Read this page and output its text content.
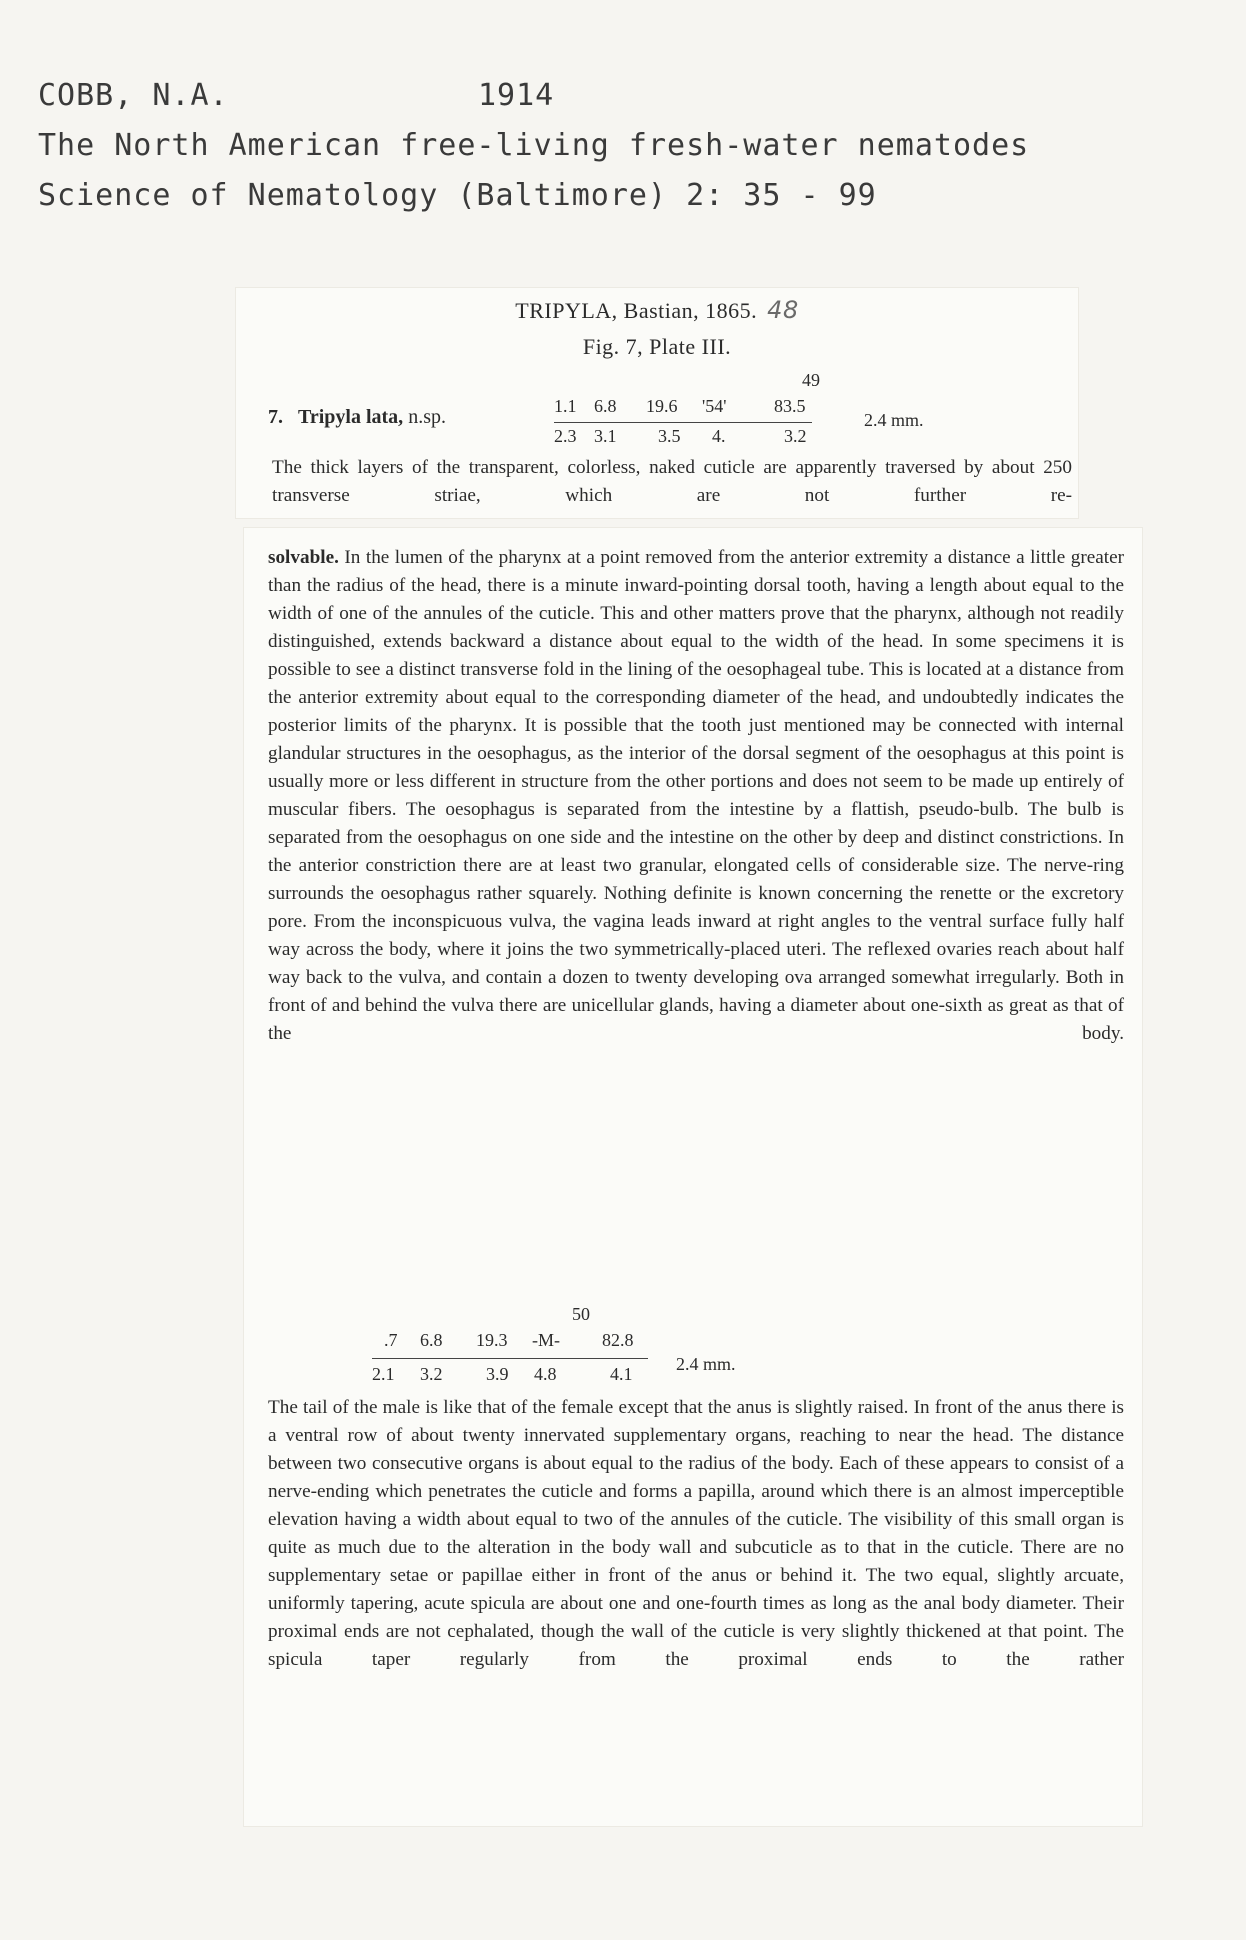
COBB, N.A.	1914
The North American free-living fresh-water nematodes
Science of Nematology (Baltimore) 2: 35 - 99
TRIPYLA, Bastian, 1865. 48
Fig. 7, Plate III.
7. Tripyla lata, n.sp.
49
1.1 6.8 19.6 '54'	83.5
2.3 3.1 3.5 4.	3.2
2.4 mm.
The thick layers of the transparent, colorless, naked cuticle are apparently traversed by about 250 transverse striae, which are not further re-
solvable. In the lumen of the pharynx at a point removed from the anterior extremity a distance a little greater than the radius of the head, there is a minute inward-pointing dorsal tooth, having a length about equal to the width of one of the annules of the cuticle. This and other matters prove that the pharynx, although not readily distinguished, extends backward a distance about equal to the width of the head. In some specimens it is possible to see a distinct transverse fold in the lining of the oesophageal tube. This is located at a distance from the anterior extremity about equal to the corresponding diameter of the head, and undoubtedly indicates the posterior limits of the pharynx. It is possible that the tooth just mentioned may be connected with internal glandular structures in the oesophagus, as the interior of the dorsal segment of the oesophagus at this point is usually more or less different in structure from the other portions and does not seem to be made up entirely of muscular fibers. The oesophagus is separated from the intestine by a flattish, pseudo-bulb. The bulb is separated from the oesophagus on one side and the intestine on the other by deep and distinct constrictions. In the anterior constriction there are at least two granular, elongated cells of considerable size. The nerve-ring surrounds the oesophagus rather squarely. Nothing definite is known concerning the renette or the excretory pore. From the inconspicuous vulva, the vagina leads inward at right angles to the ventral surface fully half way across the body, where it joins the two symmetrically-placed uteri. The reflexed ovaries reach about half way back to the vulva, and contain a dozen to twenty developing ova arranged somewhat irregularly. Both in front of and behind the vulva there are unicellular glands, having a diameter about one-sixth as great as that of the body.
50
.7 6.8 19.3 -M- 82.8
2.1 3.2 3.9 4.8	4.1 2.4 mm.
The tail of the male is like that of the female except that the anus is slightly raised. In front of the anus there is a ventral row of about twenty innervated supplementary organs, reaching to near the head. The distance between two consecutive organs is about equal to the radius of the body. Each of these appears to consist of a nerve-ending which penetrates the cuticle and forms a papilla, around which there is an almost imperceptible elevation having a width about equal to two of the annules of the cuticle. The visibility of this small organ is quite as much due to the alteration in the body wall and subcuticle as to that in the cuticle. There are no supplementary setae or papillae either in front of the anus or behind it. The two equal, slightly arcuate, uniformly tapering, acute spicula are about one and one-fourth times as long as the anal body diameter. Their proximal ends are not cephalated, though the wall of the cuticle is very slightly thickened at that point. The spicula taper regularly from the proximal ends to the rather
